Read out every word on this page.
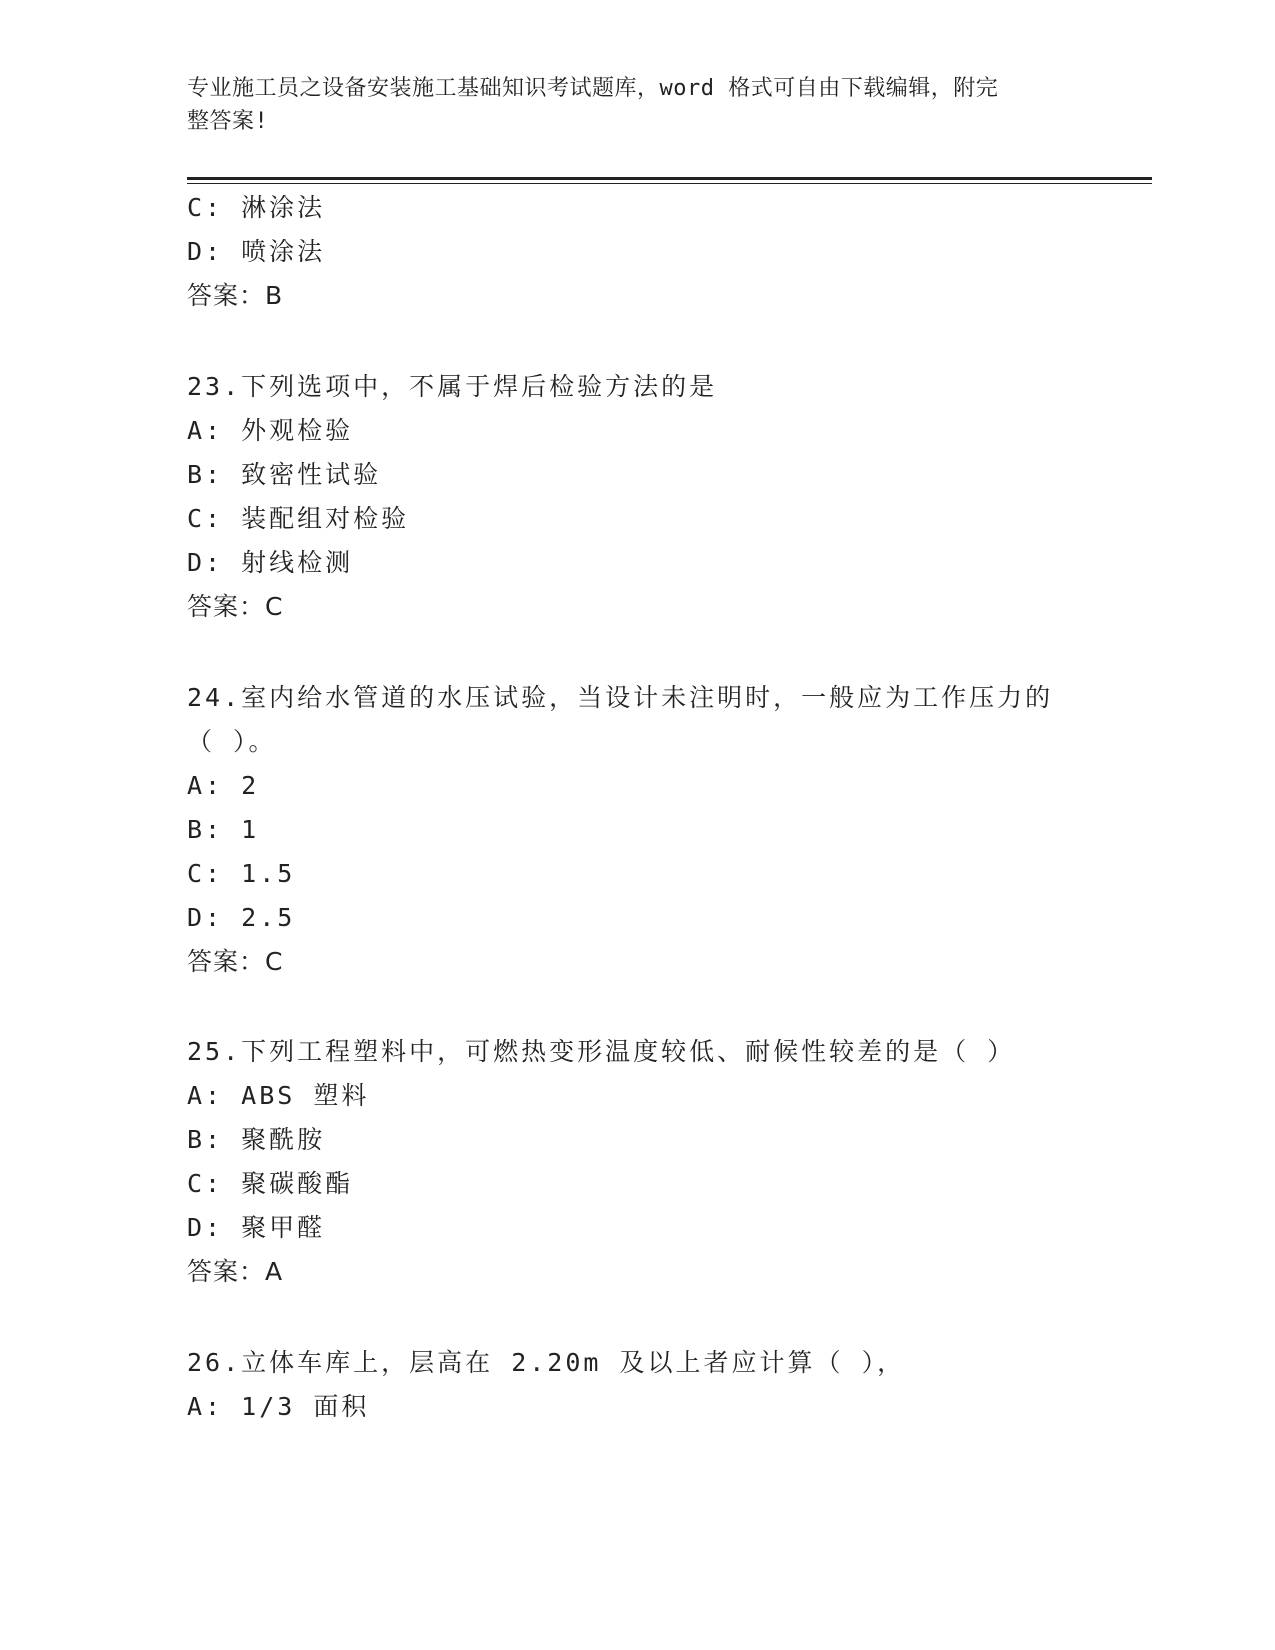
专业施工员之设备安装施工基础知识考试题库，word 格式可自由下载编辑，附完
整答案!
C: 淋涂法
D: 喷涂法
答案：B
23.下列选项中，不属于焊后检验方法的是
A: 外观检验
B: 致密性试验
C: 装配组对检验
D: 射线检测
答案：C
24.室内给水管道的水压试验，当设计未注明时，一般应为工作压力的
（ ）。
A: 2
B: 1
C: 1.5
D: 2.5
答案：C
25.下列工程塑料中，可燃热变形温度较低、耐候性较差的是（ ）
A: ABS 塑料
B: 聚酰胺
C: 聚碳酸酯
D: 聚甲醛
答案：A
26.立体车库上，层高在 2.20m 及以上者应计算（ ），
A: 1/3 面积
